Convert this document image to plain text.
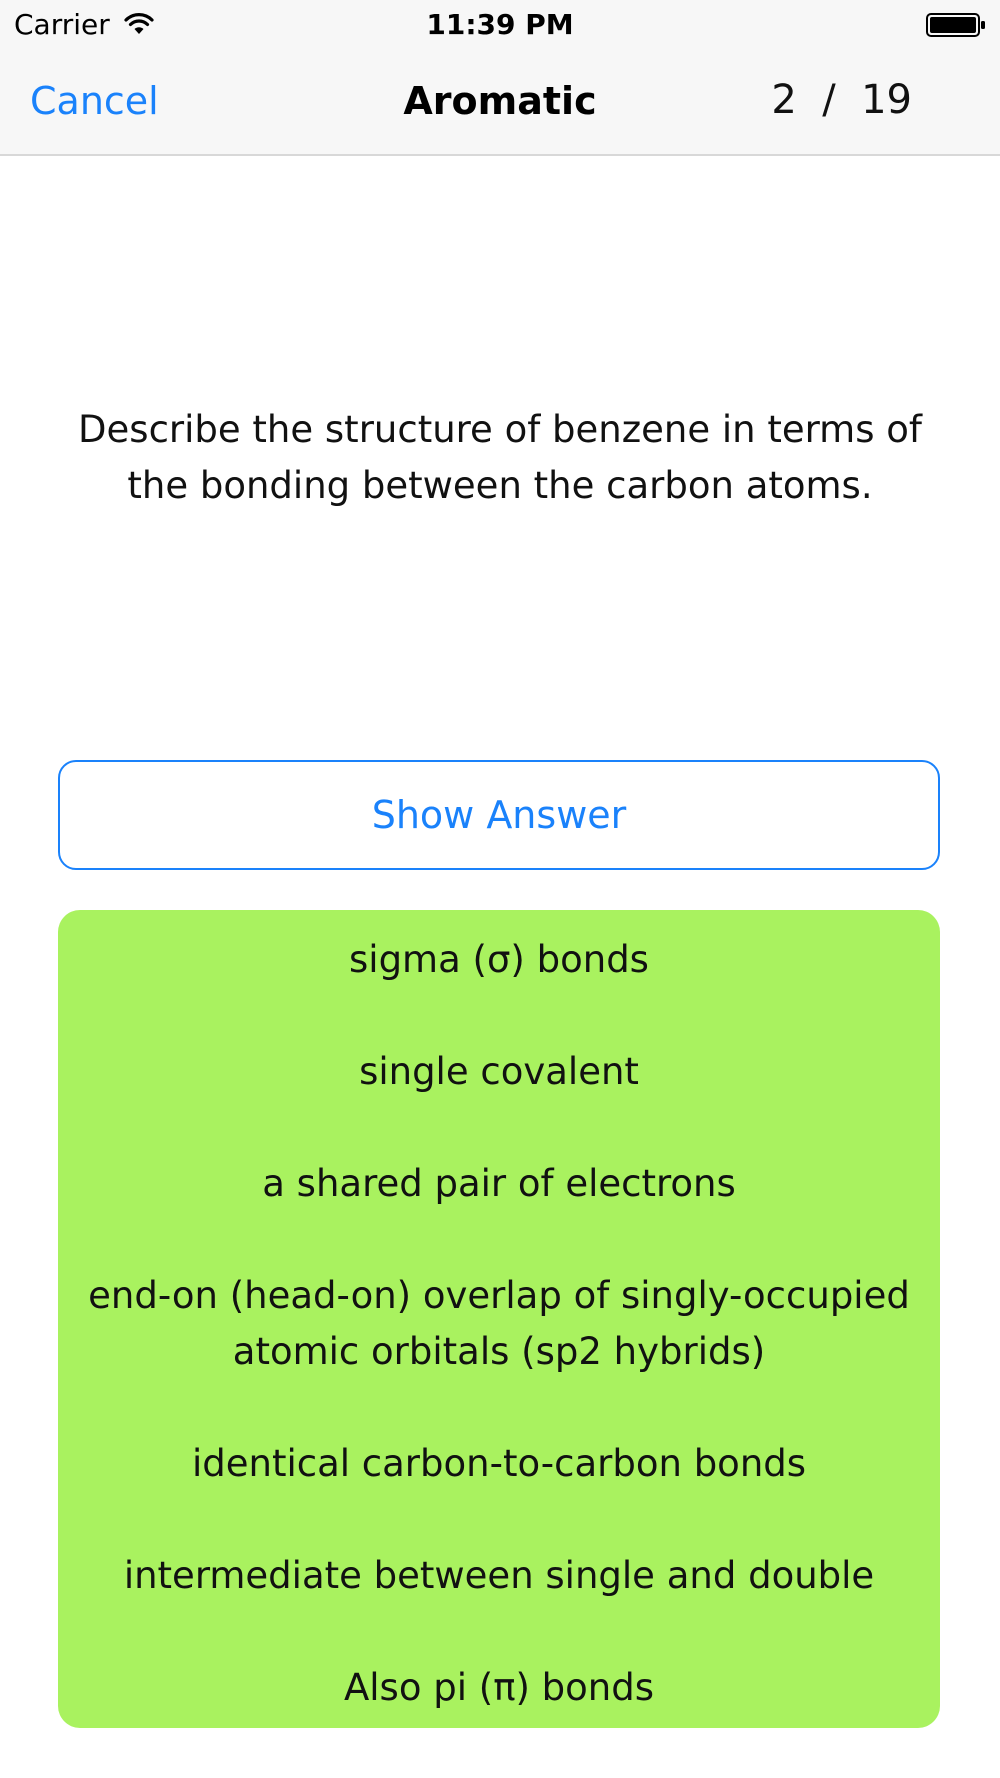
Carrier	11:39 PM
Cancel	Aromatic	2  /  19
Describe the structure of benzene in terms of the bonding between the carbon atoms.
Show Answer
sigma (σ) bonds
single covalent
a shared pair of electrons
end-on (head-on) overlap of singly-occupied atomic orbitals (sp2 hybrids)
identical carbon-to-carbon bonds
intermediate between single and double
Also pi (π) bonds
